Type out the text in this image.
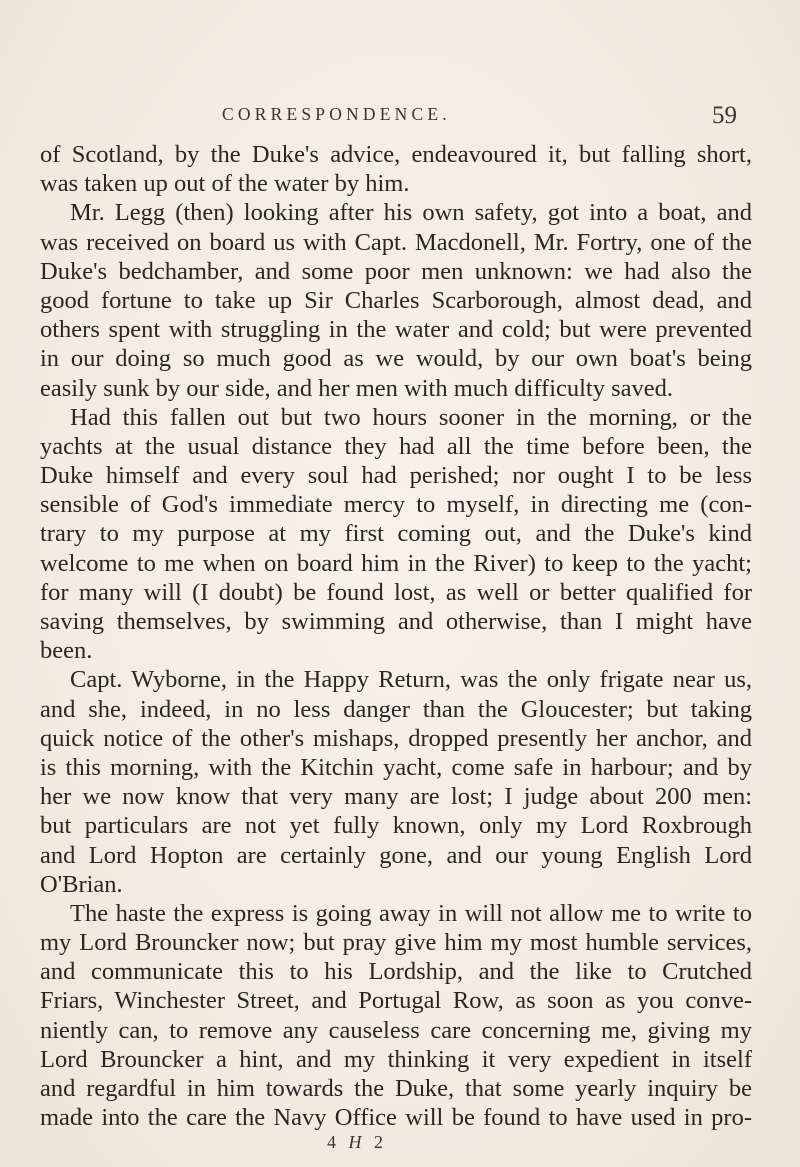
CORRESPONDENCE.	59
of Scotland, by the Duke's advice, endeavoured it, but falling short,
was taken up out of the water by him.
Mr. Legg (then) looking after his own safety, got into a boat, and
was received on board us with Capt. Macdonell, Mr. Fortry, one of the
Duke's bedchamber, and some poor men unknown: we had also the
good fortune to take up Sir Charles Scarborough, almost dead, and
others spent with struggling in the water and cold; but were prevented
in our doing so much good as we would, by our own boat's being
easily sunk by our side, and her men with much difficulty saved.
Had this fallen out but two hours sooner in the morning, or the
yachts at the usual distance they had all the time before been, the
Duke himself and every soul had perished; nor ought I to be less
sensible of God's immediate mercy to myself, in directing me (con-
trary to my purpose at my first coming out, and the Duke's kind
welcome to me when on board him in the River) to keep to the yacht;
for many will (I doubt) be found lost, as well or better qualified for
saving themselves, by swimming and otherwise, than I might have
been.
Capt. Wyborne, in the Happy Return, was the only frigate near us,
and she, indeed, in no less danger than the Gloucester; but taking
quick notice of the other's mishaps, dropped presently her anchor, and
is this morning, with the Kitchin yacht, come safe in harbour; and by
her we now know that very many are lost; I judge about 200 men:
but particulars are not yet fully known, only my Lord Roxbrough
and Lord Hopton are certainly gone, and our young English Lord
O'Brian.
The haste the express is going away in will not allow me to write to
my Lord Brouncker now; but pray give him my most humble services,
and communicate this to his Lordship, and the like to Crutched
Friars, Winchester Street, and Portugal Row, as soon as you conve-
niently can, to remove any causeless care concerning me, giving my
Lord Brouncker a hint, and my thinking it very expedient in itself
and regardful in him towards the Duke, that some yearly inquiry be
made into the care the Navy Office will be found to have used in pro-
4 H 2
